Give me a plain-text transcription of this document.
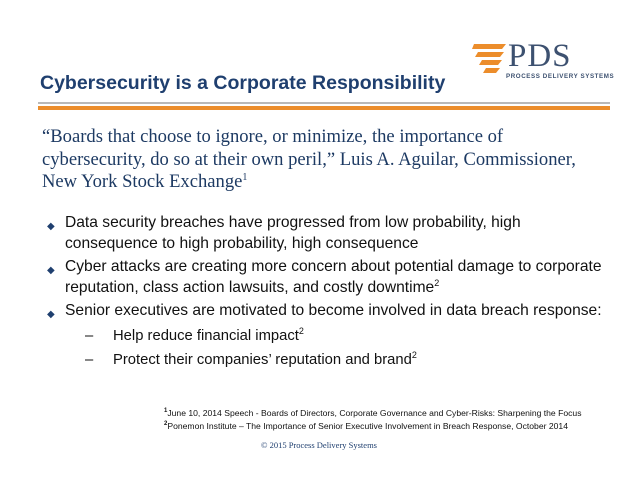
PDS
PROCESS DELIVERY SYSTEMS
Cybersecurity is a Corporate Responsibility
“Boards that choose to ignore, or minimize, the importance of cybersecurity, do so at their own peril,” Luis A. Aguilar, Commissioner, New York Stock Exchange$^1$
◆ Data security breaches have progressed from low probability, high consequence to high probability, high consequence
◆ Cyber attacks are creating more concern about potential damage to corporate reputation, class action lawsuits, and costly downtime$^2$
◆ Senior executives are motivated to become involved in data breach response:
– Help reduce financial impact$^2$
– Protect their companies’ reputation and brand$^2$
$^1$June 10, 2014 Speech - Boards of Directors, Corporate Governance and Cyber-Risks: Sharpening the Focus
$^2$Ponemon Institute – The Importance of Senior Executive Involvement in Breach Response, October 2014
© 2015 Process Delivery Systems
